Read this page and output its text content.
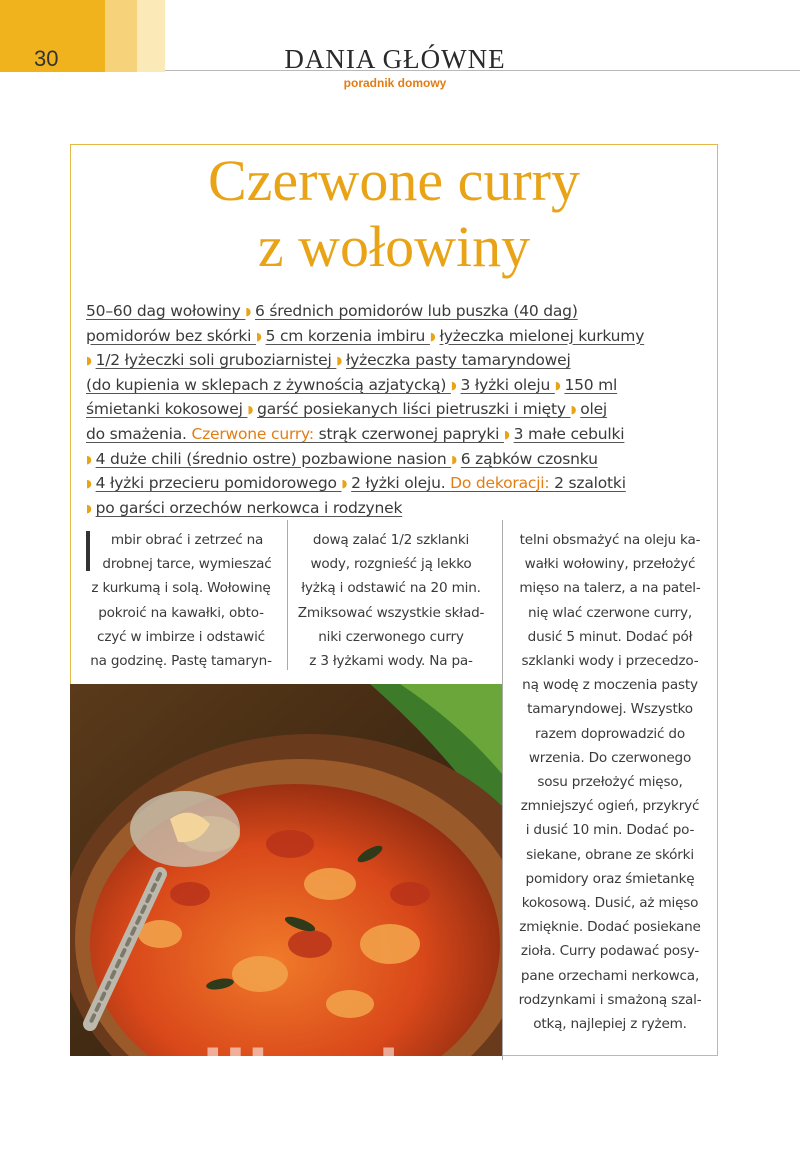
30	DANIA GŁÓWNE
poradnik domowy
Czerwone curry
z wołowiny
50–60 dag wołowiny ◗ 6 średnich pomidorów lub puszka (40 dag)
pomidorów bez skórki ◗ 5 cm korzenia imbiru ◗ łyżeczka mielonej kurkumy
◗ 1/2 łyżeczki soli gruboziarnistej ◗ łyżeczka pasty tamaryndowej
(do kupienia w sklepach z żywnością azjatycką) ◗ 3 łyżki oleju ◗ 150 ml
śmietanki kokosowej ◗ garść posiekanych liści pietruszki i mięty ◗ olej
do smażenia. Czerwone curry: strąk czerwonej papryki ◗ 3 małe cebulki
◗ 4 duże chili (średnio ostre) pozbawione nasion ◗ 6 ząbków czosnku
◗ 4 łyżki przecieru pomidorowego ◗ 2 łyżki oleju. Do dekoracji: 2 szalotki
◗ po garści orzechów nerkowca i rodzynek
mbir obrać i zetrzeć na
drobnej tarce, wymieszać
z kurkumą i solą. Wołowinę
pokroić na kawałki, obto-
czyć w imbirze i odstawić
na godzinę. Pastę tamaryn-
dową zalać 1/2 szklanki
wody, rozgnieść ją lekko
łyżką i odstawić na 20 min.
Zmiksować wszystkie skład-
niki czerwonego curry
z 3 łyżkami wody. Na pa-
telni obsmażyć na oleju ka-
wałki wołowiny, przełożyć
mięso na talerz, a na patel-
nię wlać czerwone curry,
dusić 5 minut. Dodać pół
szklanki wody i przecedzo-
ną wodę z moczenia pasty
tamaryndowej. Wszystko
razem doprowadzić do
wrzenia. Do czerwonego
sosu przełożyć mięso,
zmniejszyć ogień, przykryć
i dusić 10 min. Dodać po-
siekane, obrane ze skórki
pomidory oraz śmietankę
kokosową. Dusić, aż mięso
zmięknie. Dodać posiekane
zioła. Curry podawać posy-
pane orzechami nerkowca,
rodzynkami i smażoną szal-
otką, najlepiej z ryżem.
wedlinydomowe.pl
